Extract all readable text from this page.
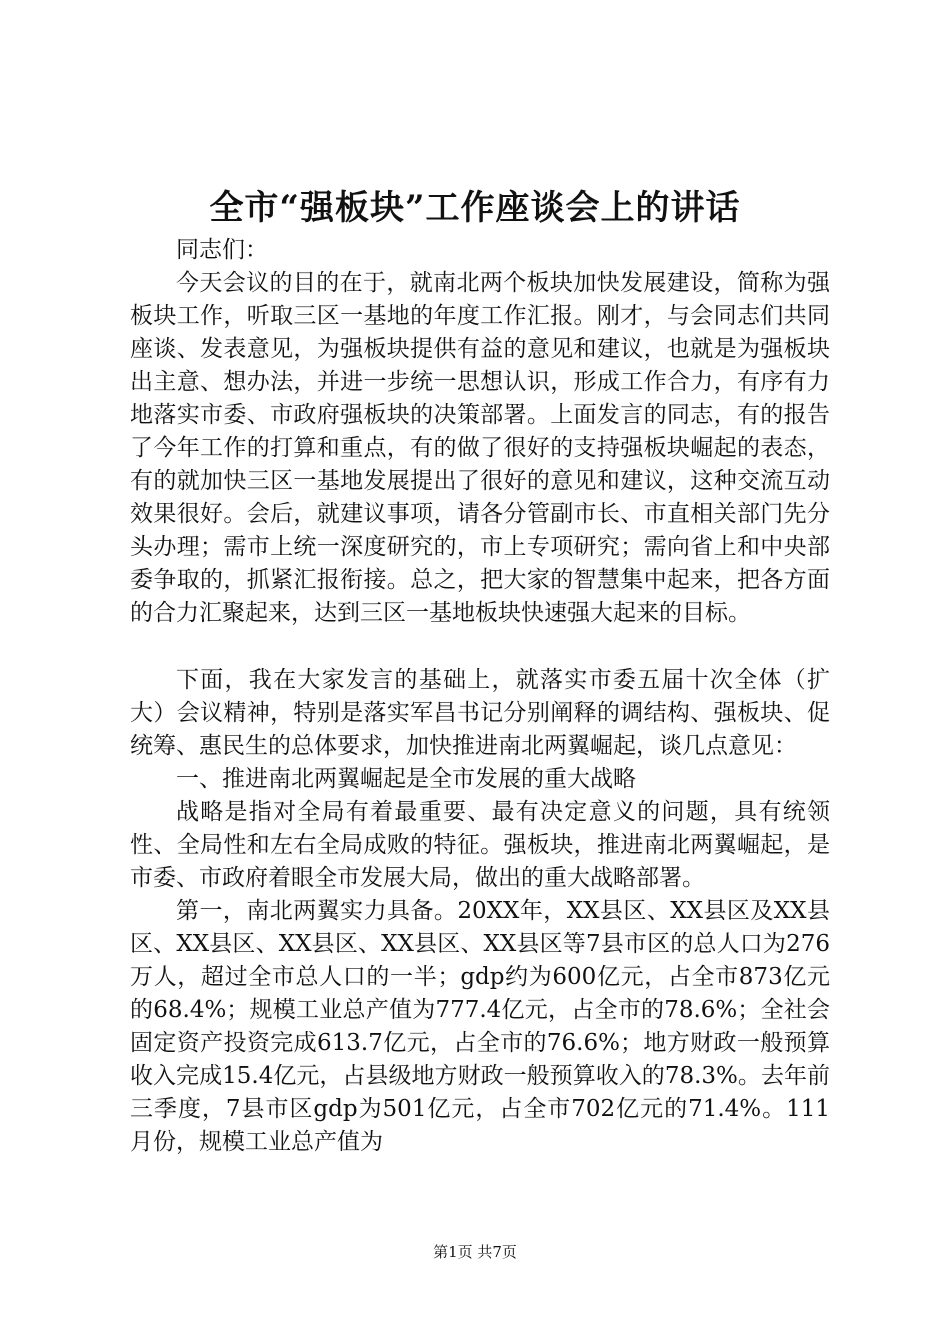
全市“强板块”工作座谈会上的讲话

同志们：

今天会议的目的在于，就南北两个板块加快发展建设，简称为强板块工作，听取三区一基地的年度工作汇报。刚才，与会同志们共同座谈、发表意见，为强板块提供有益的意见和建议，也就是为强板块出主意、想办法，并进一步统一思想认识，形成工作合力，有序有力地落实市委、市政府强板块的决策部署。上面发言的同志，有的报告了今年工作的打算和重点，有的做了很好的支持强板块崛起的表态，有的就加快三区一基地发展提出了很好的意见和建议，这种交流互动效果很好。会后，就建议事项，请各分管副市长、市直相关部门先分头办理；需市上统一深度研究的，市上专项研究；需向省上和中央部委争取的，抓紧汇报衔接。总之，把大家的智慧集中起来，把各方面的合力汇聚起来，达到三区一基地板块快速强大起来的目标。

下面，我在大家发言的基础上，就落实市委五届十次全体（扩大）会议精神，特别是落实军昌书记分别阐释的调结构、强板块、促统筹、惠民生的总体要求，加快推进南北两翼崛起，谈几点意见：

一、推进南北两翼崛起是全市发展的重大战略

战略是指对全局有着最重要、最有决定意义的问题，具有统领性、全局性和左右全局成败的特征。强板块，推进南北两翼崛起，是市委、市政府着眼全市发展大局，做出的重大战略部署。

第一，南北两翼实力具备。20XX年，XX县区、XX县区及XX县区、XX县区、XX县区、XX县区、XX县区等7县市区的总人口为276万人，超过全市总人口的一半；gdp约为600亿元，占全市873亿元的68.4%；规模工业总产值为777.4亿元，占全市的78.6%；全社会固定资产投资完成613.7亿元，占全市的76.6%；地方财政一般预算收入完成15.4亿元，占县级地方财政一般预算收入的78.3%。去年前三季度，7县市区gdp为501亿元，占全市702亿元的71.4%。111月份，规模工业总产值为

第1页 共7页
